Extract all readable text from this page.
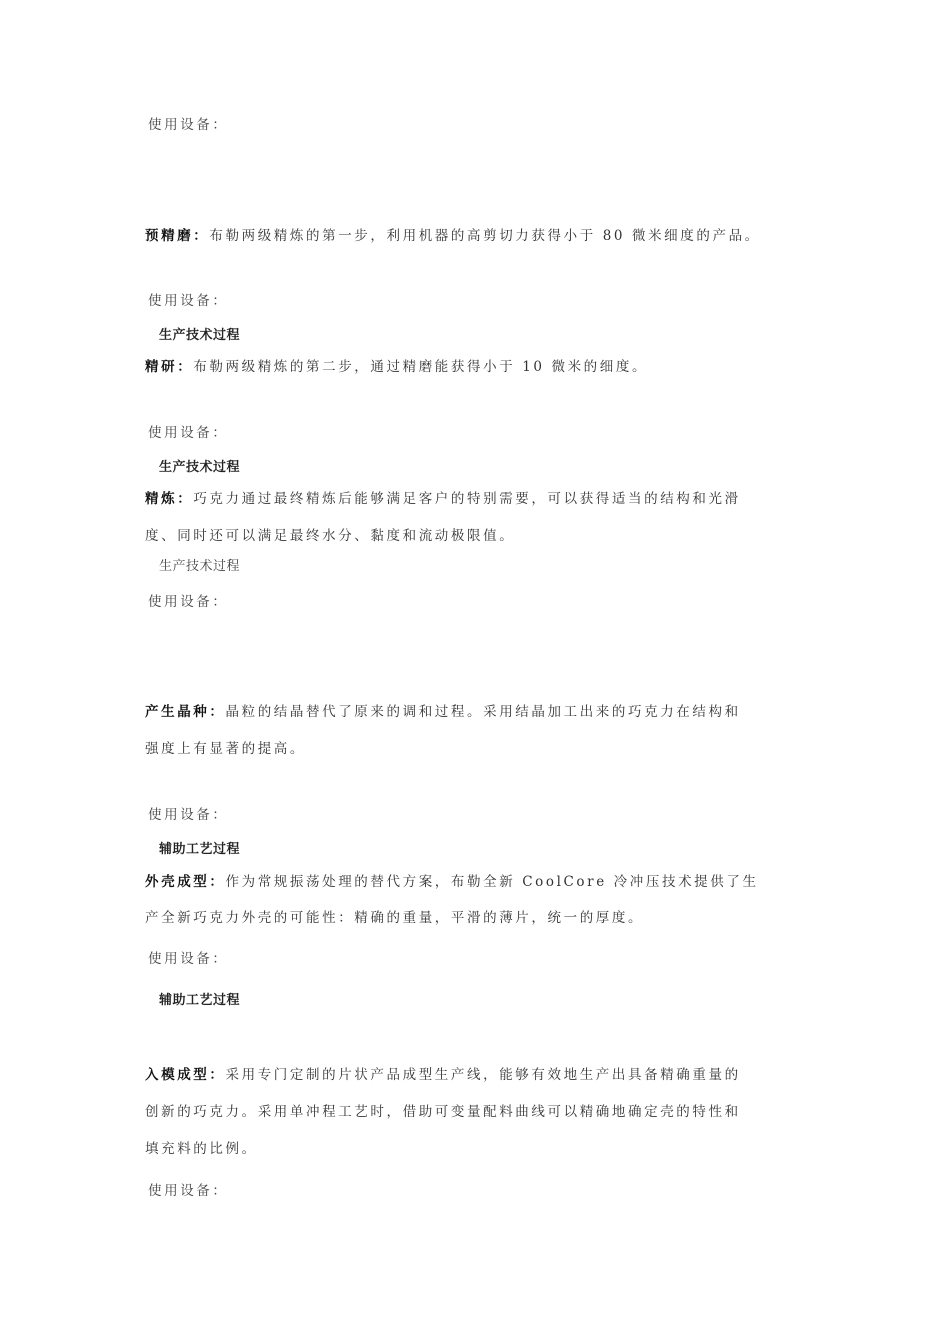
使用设备：
预精磨：布勒两级精炼的第一步，利用机器的高剪切力获得小于 80 微米细度的产品。
使用设备：
生产技术过程
精研：布勒两级精炼的第二步，通过精磨能获得小于 10 微米的细度。
使用设备：
生产技术过程
精炼：巧克力通过最终精炼后能够满足客户的特别需要，可以获得适当的结构和光滑
度、同时还可以满足最终水分、黏度和流动极限值。
生产技术过程
使用设备：
产生晶种：晶粒的结晶替代了原来的调和过程。采用结晶加工出来的巧克力在结构和
强度上有显著的提高。
使用设备：
辅助工艺过程
外壳成型：作为常规振荡处理的替代方案，布勒全新 CoolCore 冷冲压技术提供了生
产全新巧克力外壳的可能性：精确的重量，平滑的薄片，统一的厚度。
使用设备：
辅助工艺过程
入模成型：采用专门定制的片状产品成型生产线，能够有效地生产出具备精确重量的
创新的巧克力。采用单冲程工艺时，借助可变量配料曲线可以精确地确定壳的特性和
填充料的比例。
使用设备：
